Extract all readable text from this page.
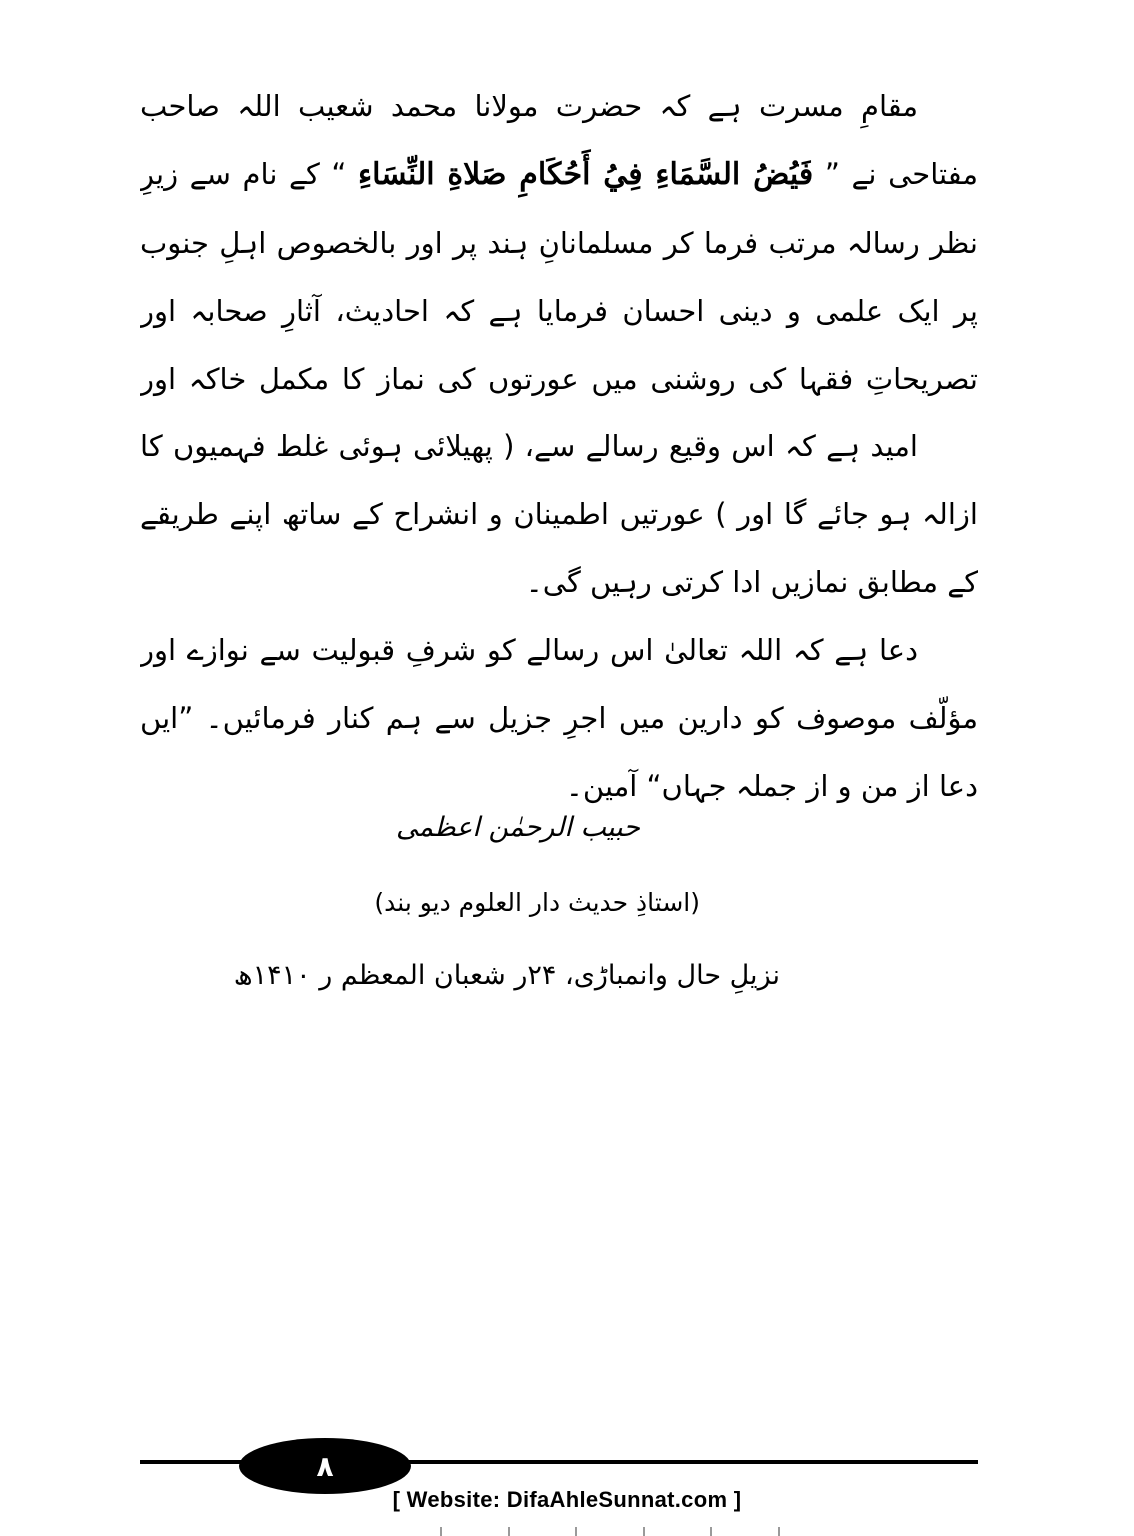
مقامِ مسرت ہے کہ حضرت مولانا محمد شعیب اللہ صاحب مفتاحی نے ” فَيُضُ السَّمَاءِ فِيُ أَحُكَامِ صَلاةِ النِّسَاءِ “ کے نام سے زیرِ نظر رسالہ مرتب فرما کر مسلمانانِ ہند پر اور بالخصوص اہلِ جنوب پر ایک علمی و دینی احسان فرمایا ہے کہ احادیث، آثارِ صحابہ اور تصریحاتِ فقہا کی روشنی میں عورتوں کی نماز کا مکمل خاکہ اور

امید ہے کہ اس وقیع رسالے سے، ( پھیلائی ہوئی غلط فہمیوں کا ازالہ ہو جائے گا اور ) عورتیں اطمینان و انشراح کے ساتھ اپنے طریقے کے مطابق نمازیں ادا کرتی رہیں گی۔

دعا ہے کہ اللہ تعالیٰ اس رسالے کو شرفِ قبولیت سے نوازے اور مؤلّف موصوف کو دارین میں اجرِ جزیل سے ہم کنار فرمائیں۔ ”ایں دعا از من و از جملہ جہاں“ آمین۔

حبیب الرحمٰن اعظمی
(استاذِ حدیث دار العلوم دیو بند)
نزیلِ حال وانمباڑی، ۲۴ر شعبان المعظم ر ۱۴۱۰ھ
۸
[ Website: DifaAhleSunnat.com ]
